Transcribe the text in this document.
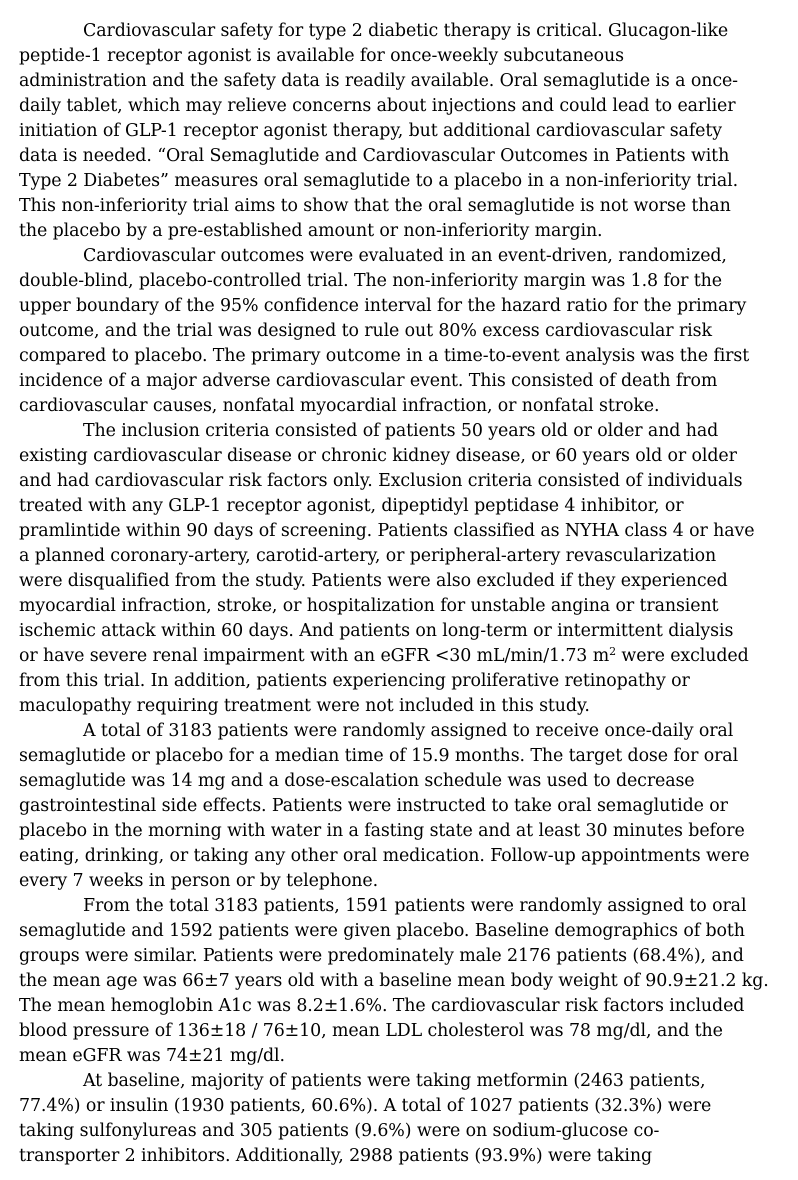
Cardiovascular safety for type 2 diabetic therapy is critical. Glucagon-like
peptide-1 receptor agonist is available for once-weekly subcutaneous
administration and the safety data is readily available. Oral semaglutide is a once-
daily tablet, which may relieve concerns about injections and could lead to earlier
initiation of GLP-1 receptor agonist therapy, but additional cardiovascular safety
data is needed. “Oral Semaglutide and Cardiovascular Outcomes in Patients with
Type 2 Diabetes” measures oral semaglutide to a placebo in a non-inferiority trial.
This non-inferiority trial aims to show that the oral semaglutide is not worse than
the placebo by a pre-established amount or non-inferiority margin.
Cardiovascular outcomes were evaluated in an event-driven, randomized,
double-blind, placebo-controlled trial. The non-inferiority margin was 1.8 for the
upper boundary of the 95% confidence interval for the hazard ratio for the primary
outcome, and the trial was designed to rule out 80% excess cardiovascular risk
compared to placebo. The primary outcome in a time-to-event analysis was the first
incidence of a major adverse cardiovascular event. This consisted of death from
cardiovascular causes, nonfatal myocardial infraction, or nonfatal stroke.
The inclusion criteria consisted of patients 50 years old or older and had
existing cardiovascular disease or chronic kidney disease, or 60 years old or older
and had cardiovascular risk factors only. Exclusion criteria consisted of individuals
treated with any GLP-1 receptor agonist, dipeptidyl peptidase 4 inhibitor, or
pramlintide within 90 days of screening. Patients classified as NYHA class 4 or have
a planned coronary-artery, carotid-artery, or peripheral-artery revascularization
were disqualified from the study. Patients were also excluded if they experienced
myocardial infraction, stroke, or hospitalization for unstable angina or transient
ischemic attack within 60 days. And patients on long-term or intermittent dialysis
or have severe renal impairment with an eGFR <30 mL/min/1.73 $m^2$ were excluded
from this trial. In addition, patients experiencing proliferative retinopathy or
maculopathy requiring treatment were not included in this study.
A total of 3183 patients were randomly assigned to receive once-daily oral
semaglutide or placebo for a median time of 15.9 months. The target dose for oral
semaglutide was 14 mg and a dose-escalation schedule was used to decrease
gastrointestinal side effects. Patients were instructed to take oral semaglutide or
placebo in the morning with water in a fasting state and at least 30 minutes before
eating, drinking, or taking any other oral medication. Follow-up appointments were
every 7 weeks in person or by telephone.
From the total 3183 patients, 1591 patients were randomly assigned to oral
semaglutide and 1592 patients were given placebo. Baseline demographics of both
groups were similar. Patients were predominately male 2176 patients (68.4%), and
the mean age was 66±7 years old with a baseline mean body weight of 90.9±21.2 kg.
The mean hemoglobin A1c was 8.2±1.6%. The cardiovascular risk factors included
blood pressure of 136±18 / 76±10, mean LDL cholesterol was 78 mg/dl, and the
mean eGFR was 74±21 mg/dl.
At baseline, majority of patients were taking metformin (2463 patients,
77.4%) or insulin (1930 patients, 60.6%). A total of 1027 patients (32.3%) were
taking sulfonylureas and 305 patients (9.6%) were on sodium-glucose co-
transporter 2 inhibitors. Additionally, 2988 patients (93.9%) were taking
